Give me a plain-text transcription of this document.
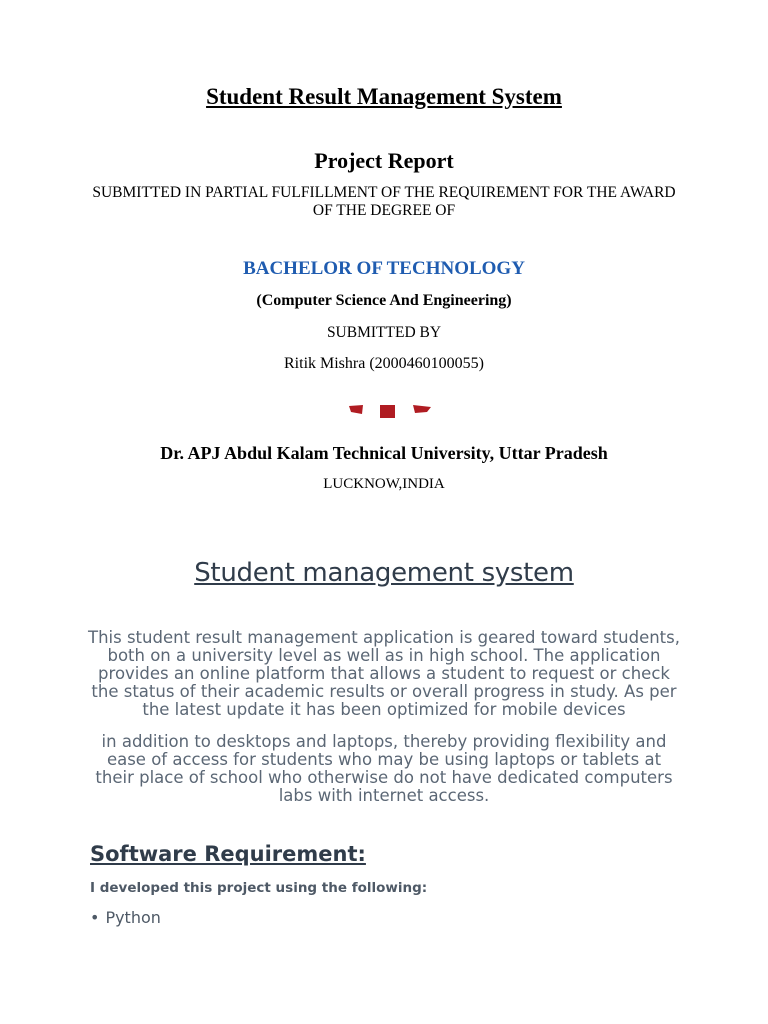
Student Result Management System
Project Report

SUBMITTED IN PARTIAL FULFILLMENT OF THE REQUIREMENT FOR THE AWARD OF THE DEGREE OF

BACHELOR OF TECHNOLOGY

(Computer Science And Engineering)

SUBMITTED BY

Ritik Mishra (2000460100055)

Dr. APJ Abdul Kalam Technical University, Uttar Pradesh

LUCKNOW,INDIA

Student management system

This student result management application is geared toward students, both on a university level as well as in high school. The application provides an online platform that allows a student to request or check the status of their academic results or overall progress in study. As per the latest update it has been optimized for mobile devices

in addition to desktops and laptops, thereby providing flexibility and ease of access for students who may be using laptops or tablets at their place of school who otherwise do not have dedicated computers labs with internet access.

Software Requirement:

I developed this project using the following:

• Python
